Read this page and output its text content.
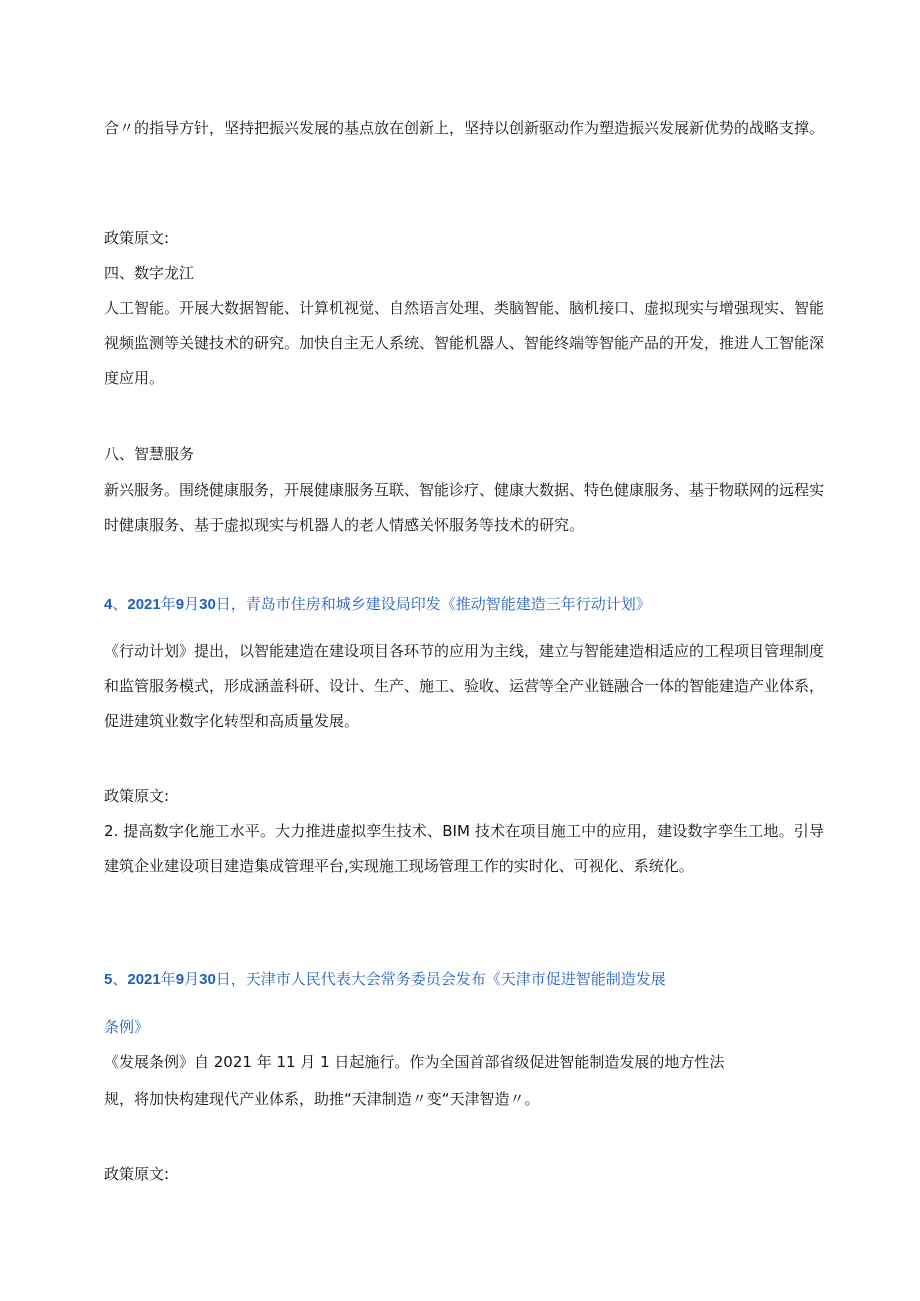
合〃的指导方针，坚持把振兴发展的基点放在创新上，坚持以创新驱动作为塑造振兴发展新优势的战略支撑。

政策原文:

四、数字龙江

人工智能。开展大数据智能、计算机视觉、自然语言处理、类脑智能、脑机接口、虚拟现实与增强现实、智能视频监测等关键技术的研究。加快自主无人系统、智能机器人、智能终端等智能产品的开发，推进人工智能深度应用。

八、智慧服务

新兴服务。围绕健康服务，开展健康服务互联、智能诊疗、健康大数据、特色健康服务、基于物联网的远程实时健康服务、基于虚拟现实与机器人的老人情感关怀服务等技术的研究。

4、2021年9月30日，青岛市住房和城乡建设局印发《推动智能建造三年行动计划》

《行动计划》提出，以智能建造在建设项目各环节的应用为主线，建立与智能建造相适应的工程项目管理制度和监管服务模式，形成涵盖科研、设计、生产、施工、验收、运营等全产业链融合一体的智能建造产业体系，促进建筑业数字化转型和高质量发展。

政策原文:

2. 提高数字化施工水平。大力推进虚拟孪生技术、BIM 技术在项目施工中的应用，建设数字孪生工地。引导建筑企业建设项目建造集成管理平台,实现施工现场管理工作的实时化、可视化、系统化。

5、2021年9月30日，天津市人民代表大会常务委员会发布《天津市促进智能制造发展
条例》

《发展条例》自 2021 年 11 月 1 日起施行。作为全国首部省级促进智能制造发展的地方性法

规，将加快构建现代产业体系，助推“天津制造〃变“天津智造〃。

政策原文:
